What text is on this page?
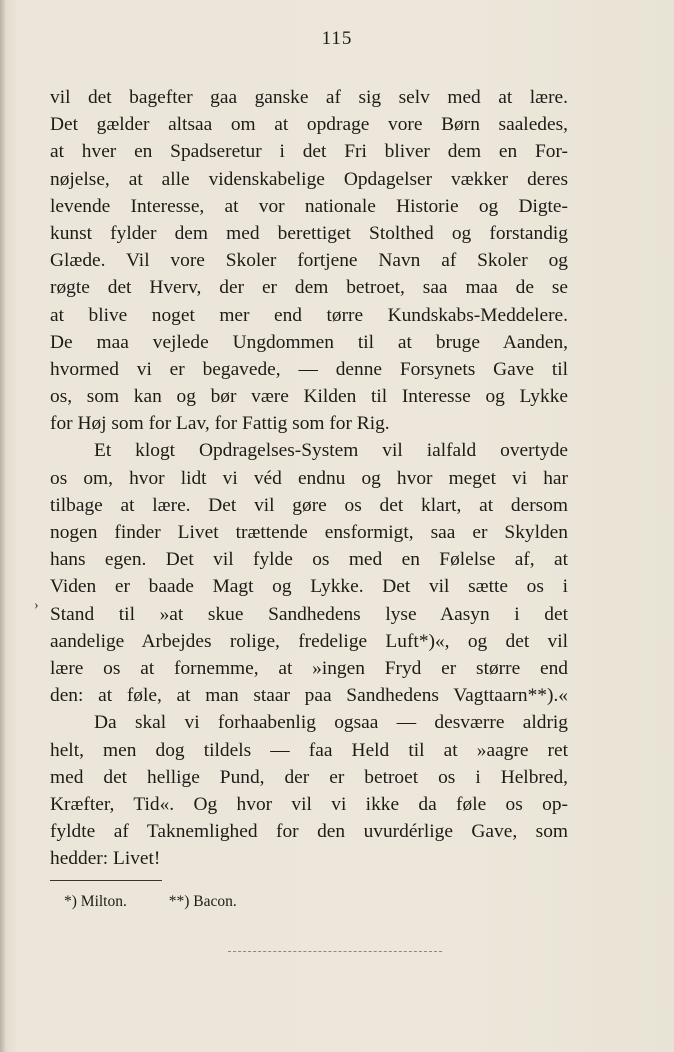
115
vil det bagefter gaa ganske af sig selv med at lære.
Det gælder altsaa om at opdrage vore Børn saaledes,
at hver en Spadseretur i det Fri bliver dem en For-
nøjelse, at alle videnskabelige Opdagelser vækker deres
levende Interesse, at vor nationale Historie og Digte-
kunst fylder dem med berettiget Stolthed og forstandig
Glæde. Vil vore Skoler fortjene Navn af Skoler og
røgte det Hverv, der er dem betroet, saa maa de se
at blive noget mer end tørre Kundskabs-Meddelere.
De maa vejlede Ungdommen til at bruge Aanden,
hvormed vi er begavede, — denne Forsynets Gave til
os, som kan og bør være Kilden til Interesse og Lykke
for Høj som for Lav, for Fattig som for Rig.
Et klogt Opdragelses-System vil ialfald overtyde
os om, hvor lidt vi véd endnu og hvor meget vi har
tilbage at lære. Det vil gøre os det klart, at dersom
nogen finder Livet trættende ensformigt, saa er Skylden
hans egen. Det vil fylde os med en Følelse af, at
Viden er baade Magt og Lykke. Det vil sætte os i
Stand til »at skue Sandhedens lyse Aasyn i det
aandelige Arbejdes rolige, fredelige Luft*)«, og det vil
lære os at fornemme, at »ingen Fryd er større end
den: at føle, at man staar paa Sandhedens Vagttaarn**).«
Da skal vi forhaabenlig ogsaa — desværre aldrig
helt, men dog tildels — faa Held til at »aagre ret
med det hellige Pund, der er betroet os i Helbred,
Kræfter, Tid«. Og hvor vil vi ikke da føle os op-
fyldte af Taknemlighed for den uvurdérlige Gave, som
hedder: Livet!
›
*) Milton.	**) Bacon.
